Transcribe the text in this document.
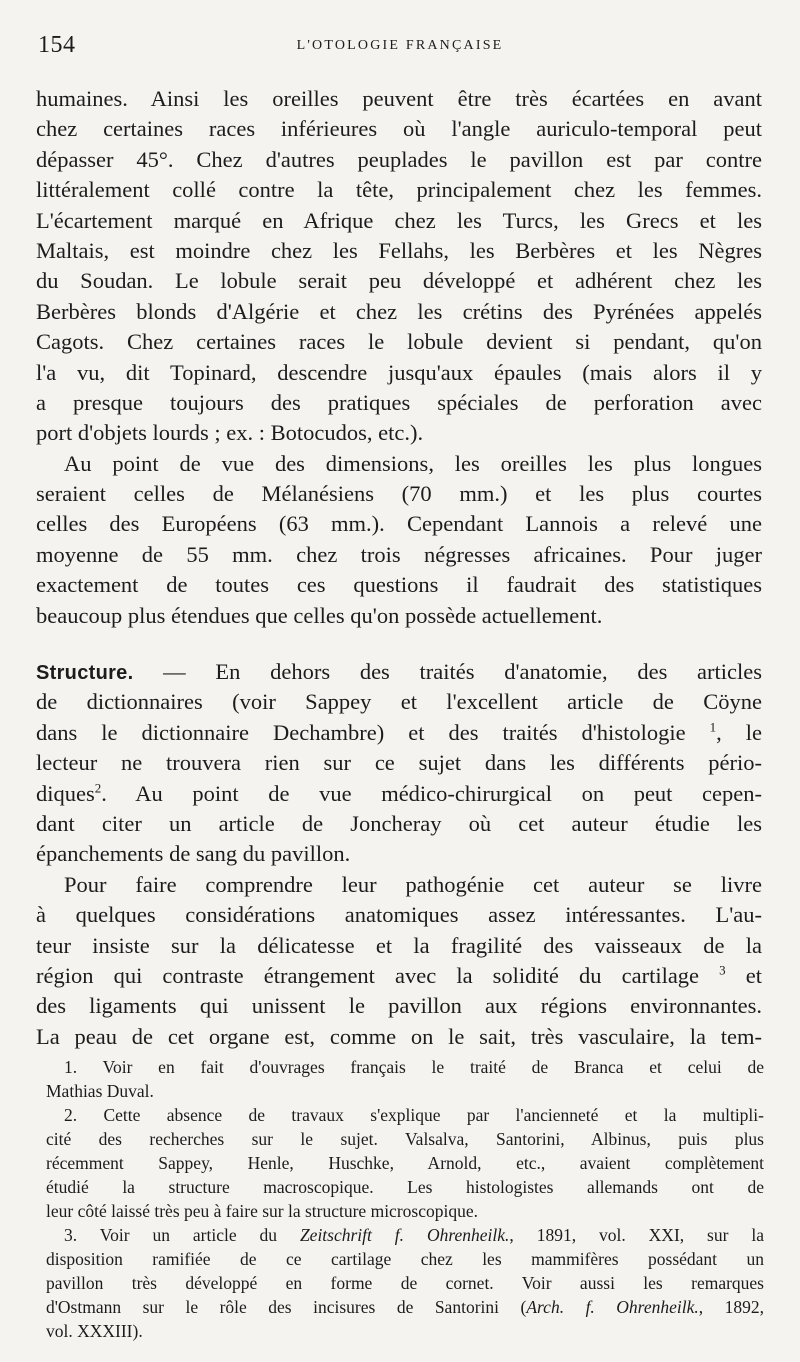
154	L'OTOLOGIE FRANÇAISE
humaines. Ainsi les oreilles peuvent être très écartées en avant
chez certaines races inférieures où l'angle auriculo-temporal peut
dépasser 45°. Chez d'autres peuplades le pavillon est par contre
littéralement collé contre la tête, principalement chez les femmes.
L'écartement marqué en Afrique chez les Turcs, les Grecs et les
Maltais, est moindre chez les Fellahs, les Berbères et les Nègres
du Soudan. Le lobule serait peu développé et adhérent chez les
Berbères blonds d'Algérie et chez les crétins des Pyrénées appelés
Cagots. Chez certaines races le lobule devient si pendant, qu'on
l'a vu, dit Topinard, descendre jusqu'aux épaules (mais alors il y
a presque toujours des pratiques spéciales de perforation avec
port d'objets lourds ; ex. : Botocudos, etc.).
Au point de vue des dimensions, les oreilles les plus longues
seraient celles de Mélanésiens (70 mm.) et les plus courtes
celles des Européens (63 mm.). Cependant Lannois a relevé une
moyenne de 55 mm. chez trois négresses africaines. Pour juger
exactement de toutes ces questions il faudrait des statistiques
beaucoup plus étendues que celles qu'on possède actuellement.
Structure. — En dehors des traités d'anatomie, des articles
de dictionnaires (voir Sappey et l'excellent article de Cöyne
dans le dictionnaire Dechambre) et des traités d'histologie $^1$, le
lecteur ne trouvera rien sur ce sujet dans les différents pério-
diques$^2$. Au point de vue médico-chirurgical on peut cepen-
dant citer un article de Joncheray où cet auteur étudie les
épanchements de sang du pavillon.
Pour faire comprendre leur pathogénie cet auteur se livre
à quelques considérations anatomiques assez intéressantes. L'au-
teur insiste sur la délicatesse et la fragilité des vaisseaux de la
région qui contraste étrangement avec la solidité du cartilage $^3$ et
des ligaments qui unissent le pavillon aux régions environnantes.
La peau de cet organe est, comme on le sait, très vasculaire, la tem-
1. Voir en fait d'ouvrages français le traité de Branca et celui de
Mathias Duval.
2. Cette absence de travaux s'explique par l'ancienneté et la multipli-
cité des recherches sur le sujet. Valsalva, Santorini, Albinus, puis plus
récemment Sappey, Henle, Huschke, Arnold, etc., avaient complètement
étudié la structure macroscopique. Les histologistes allemands ont de
leur côté laissé très peu à faire sur la structure microscopique.
3. Voir un article du Zeitschrift f. Ohrenheilk., 1891, vol. XXI, sur la
disposition ramifiée de ce cartilage chez les mammifères possédant un
pavillon très développé en forme de cornet. Voir aussi les remarques
d'Ostmann sur le rôle des incisures de Santorini (Arch. f. Ohrenheilk., 1892,
vol. XXXIII).
